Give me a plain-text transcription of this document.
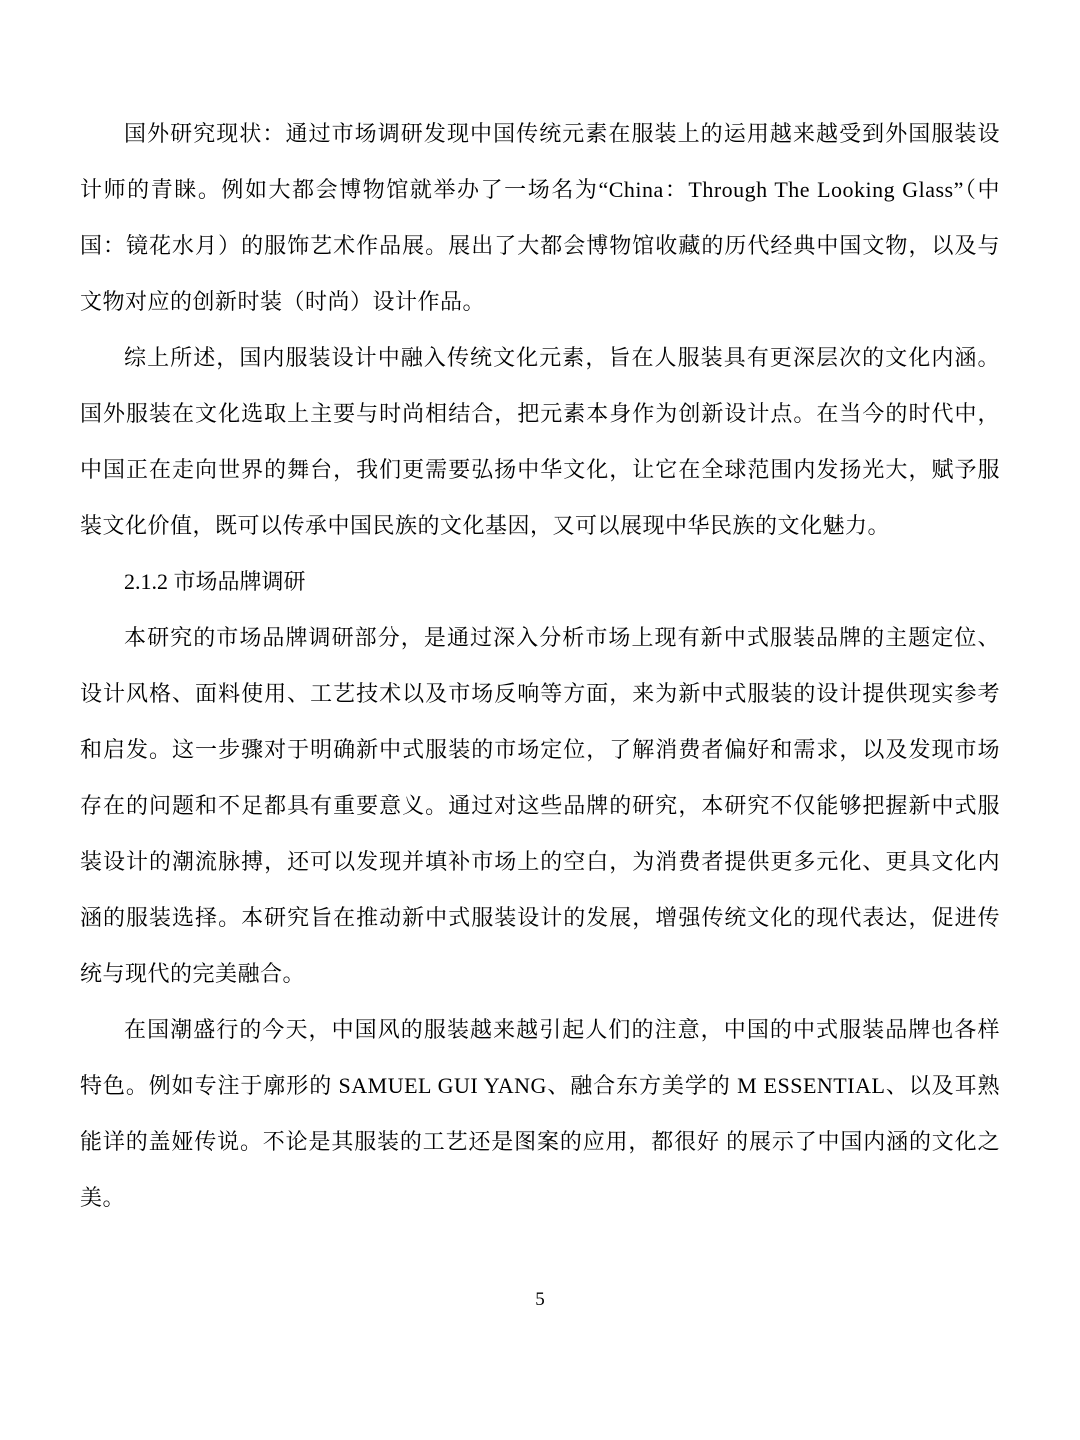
国外研究现状：通过市场调研发现中国传统元素在服装上的运用越来越受到外国服装设计师的青睐。例如大都会博物馆就举办了一场名为“China：Through The Looking Glass”（中国：镜花水月）的服饰艺术作品展。展出了大都会博物馆收藏的历代经典中国文物，以及与文物对应的创新时装（时尚）设计作品。

综上所述，国内服装设计中融入传统文化元素，旨在人服装具有更深层次的文化内涵。国外服装在文化选取上主要与时尚相结合，把元素本身作为创新设计点。在当今的时代中，中国正在走向世界的舞台，我们更需要弘扬中华文化，让它在全球范围内发扬光大，赋予服装文化价值，既可以传承中国民族的文化基因，又可以展现中华民族的文化魅力。

2.1.2 市场品牌调研

本研究的市场品牌调研部分，是通过深入分析市场上现有新中式服装品牌的主题定位、设计风格、面料使用、工艺技术以及市场反响等方面，来为新中式服装的设计提供现实参考和启发。这一步骤对于明确新中式服装的市场定位，了解消费者偏好和需求，以及发现市场存在的问题和不足都具有重要意义。通过对这些品牌的研究，本研究不仅能够把握新中式服装设计的潮流脉搏，还可以发现并填补市场上的空白，为消费者提供更多元化、更具文化内涵的服装选择。本研究旨在推动新中式服装设计的发展，增强传统文化的现代表达，促进传统与现代的完美融合。

在国潮盛行的今天，中国风的服装越来越引起人们的注意，中国的中式服装品牌也各样特色。例如专注于廓形的 SAMUEL GUI YANG、融合东方美学的 M ESSENTIAL、以及耳熟能详的盖娅传说。不论是其服装的工艺还是图案的应用，都很好 的展示了中国内涵的文化之美。

5
